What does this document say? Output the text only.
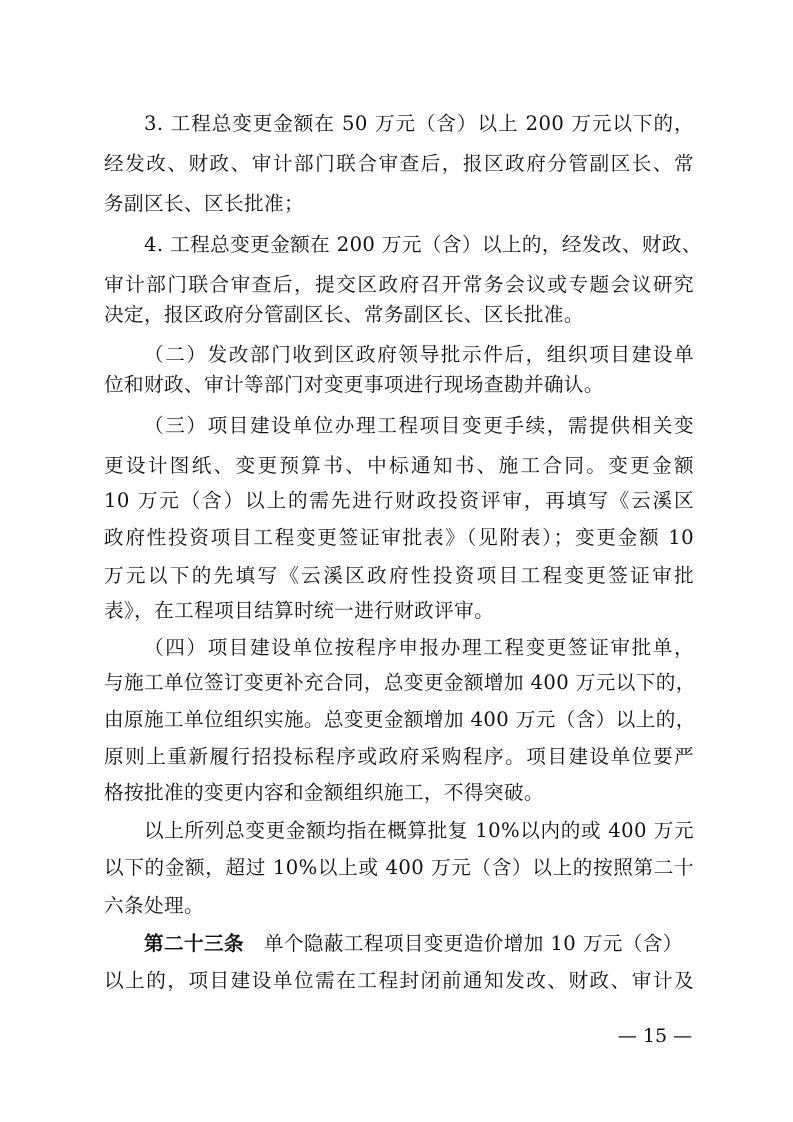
3. 工程总变更金额在 50 万元（含）以上 200 万元以下的，
经发改、财政、审计部门联合审查后，报区政府分管副区长、常
务副区长、区长批准；
4. 工程总变更金额在 200 万元（含）以上的，经发改、财政、
审计部门联合审查后，提交区政府召开常务会议或专题会议研究
决定，报区政府分管副区长、常务副区长、区长批准。
（二）发改部门收到区政府领导批示件后，组织项目建设单
位和财政、审计等部门对变更事项进行现场查勘并确认。
（三）项目建设单位办理工程项目变更手续，需提供相关变
更设计图纸、变更预算书、中标通知书、施工合同。变更金额
10 万元（含）以上的需先进行财政投资评审，再填写《云溪区
政府性投资项目工程变更签证审批表》（见附表）；变更金额 10
万元以下的先填写《云溪区政府性投资项目工程变更签证审批
表》，在工程项目结算时统一进行财政评审。
（四）项目建设单位按程序申报办理工程变更签证审批单，
与施工单位签订变更补充合同，总变更金额增加 400 万元以下的，
由原施工单位组织实施。总变更金额增加 400 万元（含）以上的，
原则上重新履行招投标程序或政府采购程序。项目建设单位要严
格按批准的变更内容和金额组织施工，不得突破。
以上所列总变更金额均指在概算批复 10%以内的或 400 万元
以下的金额，超过 10%以上或 400 万元（含）以上的按照第二十
六条处理。
第二十三条 单个隐蔽工程项目变更造价增加 10 万元（含）
以上的，项目建设单位需在工程封闭前通知发改、财政、审计及
— 15 —
